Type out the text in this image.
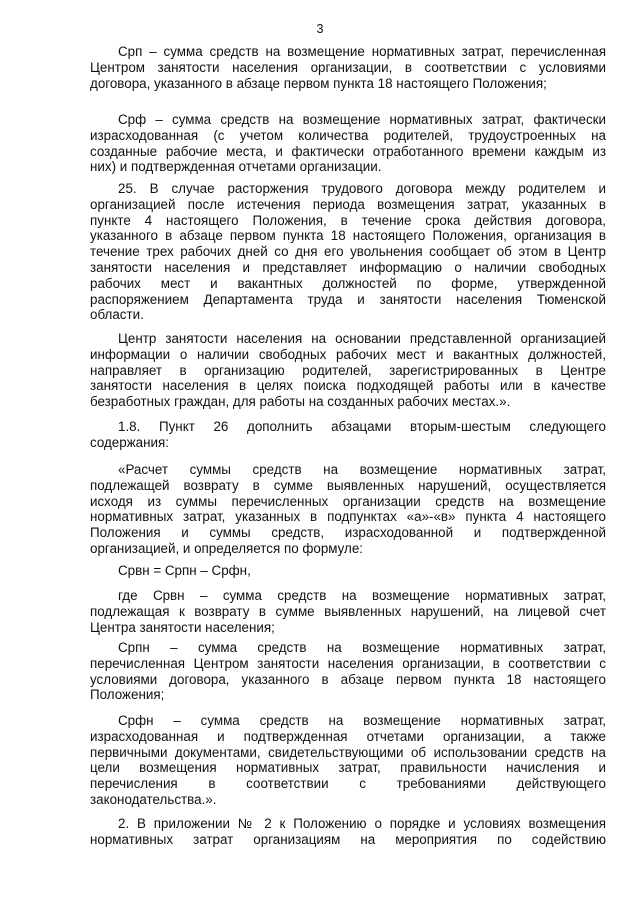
3
Срп – сумма средств на возмещение нормативных затрат, перечисленная
Центром занятости населения организации, в соответствии с условиями
договора, указанного в абзаце первом пункта 18 настоящего Положения;
Срф – сумма средств на возмещение нормативных затрат, фактически
израсходованная (с учетом количества родителей, трудоустроенных на
созданные рабочие места, и фактически отработанного времени каждым из
них) и подтвержденная отчетами организации.
25. В случае расторжения трудового договора между родителем и
организацией после истечения периода возмещения затрат, указанных в
пункте 4 настоящего Положения, в течение срока действия договора,
указанного в абзаце первом пункта 18 настоящего Положения, организация в
течение трех рабочих дней со дня его увольнения сообщает об этом в Центр
занятости населения и представляет информацию о наличии свободных
рабочих мест и вакантных должностей по форме, утвержденной
распоряжением Департамента труда и занятости населения Тюменской
области.
Центр занятости населения на основании представленной организацией
информации о наличии свободных рабочих мест и вакантных должностей,
направляет в организацию родителей, зарегистрированных в Центре
занятости населения в целях поиска подходящей работы или в качестве
безработных граждан, для работы на созданных рабочих местах.».
1.8. Пункт 26 дополнить абзацами вторым-шестым следующего
содержания:
«Расчет суммы средств на возмещение нормативных затрат,
подлежащей возврату в сумме выявленных нарушений, осуществляется
исходя из суммы перечисленных организации средств на возмещение
нормативных затрат, указанных в подпунктах «а»-«в» пункта 4 настоящего
Положения и суммы средств, израсходованной и подтвержденной
организацией, и определяется по формуле:
Срвн = Српн – Срфн,
где Срвн – сумма средств на возмещение нормативных затрат,
подлежащая к возврату в сумме выявленных нарушений, на лицевой счет
Центра занятости населения;
Српн – сумма средств на возмещение нормативных затрат,
перечисленная Центром занятости населения организации, в соответствии с
условиями договора, указанного в абзаце первом пункта 18 настоящего
Положения;
Срфн – сумма средств на возмещение нормативных затрат,
израсходованная и подтвержденная отчетами организации, а также
первичными документами, свидетельствующими об использовании средств на
цели возмещения нормативных затрат, правильности начисления и
перечисления в соответствии с требованиями действующего
законодательства.».
2. В приложении № 2 к Положению о порядке и условиях возмещения
нормативных затрат организациям на мероприятия по содействию
